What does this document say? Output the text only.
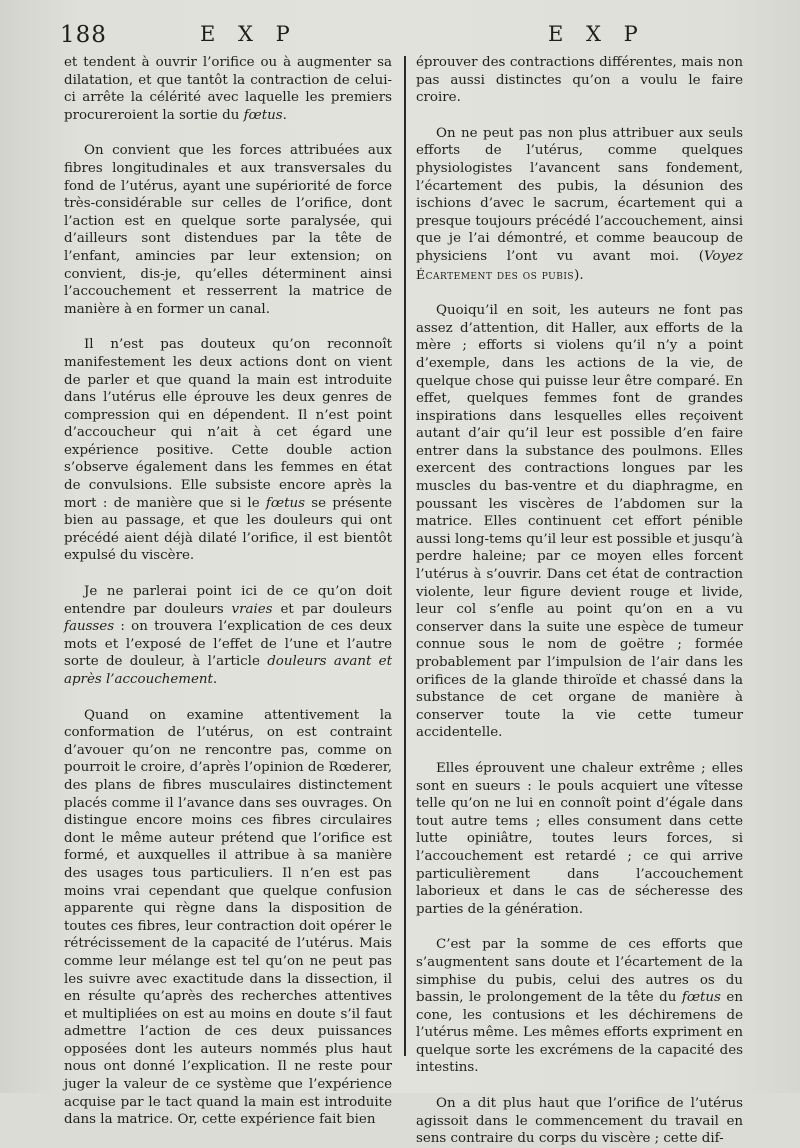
188	E X P	E X P

et tendent à ouvrir l’orifice ou à augmenter sa dilatation, et que tantôt la contraction de celui-ci arrête la célérité avec laquelle les premiers procureroient la sortie du fœtus.

On convient que les forces attribuées aux fibres longitudinales et aux transversales du fond de l’utérus, ayant une supériorité de force très-considérable sur celles de l’orifice, dont l’action est en quelque sorte paralysée, qui d’ailleurs sont distendues par la tête de l’enfant, amincies par leur extension; on convient, dis-je, qu’elles déterminent ainsi l’accouchement et resserrent la matrice de manière à en former un canal.

Il n’est pas douteux qu’on reconnoît manifestement les deux actions dont on vient de parler et que quand la main est introduite dans l’utérus elle éprouve les deux genres de compression qui en dépendent. Il n’est point d’accoucheur qui n’ait à cet égard une expérience positive. Cette double action s’observe également dans les femmes en état de convulsions. Elle subsiste encore après la mort : de manière que si le fœtus se présente bien au passage, et que les douleurs qui ont précédé aient déjà dilaté l’orifice, il est bientôt expulsé du viscère.

Je ne parlerai point ici de ce qu’on doit entendre par douleurs vraies et par douleurs fausses : on trouvera l’explication de ces deux mots et l’exposé de l’effet de l’une et l’autre sorte de douleur, à l’article douleurs avant et après l’accouchement.

Quand on examine attentivement la conformation de l’utérus, on est contraint d’avouer qu’on ne rencontre pas, comme on pourroit le croire, d’après l’opinion de Rœderer, des plans de fibres musculaires distinctement placés comme il l’avance dans ses ouvrages. On distingue encore moins ces fibres circulaires dont le même auteur prétend que l’orifice est formé, et auxquelles il attribue à sa manière des usages tous particuliers. Il n’en est pas moins vrai cependant que quelque confusion apparente qui règne dans la disposition de toutes ces fibres, leur contraction doit opérer le rétrécissement de la capacité de l’utérus. Mais comme leur mélange est tel qu’on ne peut pas les suivre avec exactitude dans la dissection, il en résulte qu’après des recherches attentives et multipliées on est au moins en doute s’il faut admettre l’action de ces deux puissances opposées dont les auteurs nommés plus haut nous ont donné l’explication. Il ne reste pour juger la valeur de ce système que l’expérience acquise par le tact quand la main est introduite dans la matrice. Or, cette expérience fait bien

éprouver des contractions différentes, mais non pas aussi distinctes qu’on a voulu le faire croire.

On ne peut pas non plus attribuer aux seuls efforts de l’utérus, comme quelques physiologistes l’avancent sans fondement, l’écartement des pubis, la désunion des ischions d’avec le sacrum, écartement qui a presque toujours précédé l’accouchement, ainsi que je l’ai démontré, et comme beaucoup de physiciens l’ont vu avant moi. (Voyez Écartement des os pubis).

Quoiqu’il en soit, les auteurs ne font pas assez d’attention, dit Haller, aux efforts de la mère ; efforts si violens qu’il n’y a point d’exemple, dans les actions de la vie, de quelque chose qui puisse leur être comparé. En effet, quelques femmes font de grandes inspirations dans lesquelles elles reçoivent autant d’air qu’il leur est possible d’en faire entrer dans la substance des poulmons. Elles exercent des contractions longues par les muscles du bas-ventre et du diaphragme, en poussant les viscères de l’abdomen sur la matrice. Elles continuent cet effort pénible aussi long-tems qu’il leur est possible et jusqu’à perdre haleine; par ce moyen elles forcent l’utérus à s’ouvrir. Dans cet état de contraction violente, leur figure devient rouge et livide, leur col s’enfle au point qu’on en a vu conserver dans la suite une espèce de tumeur connue sous le nom de goëtre ; formée probablement par l’impulsion de l’air dans les orifices de la glande thiroïde et chassé dans la substance de cet organe de manière à conserver toute la vie cette tumeur accidentelle.

Elles éprouvent une chaleur extrême ; elles sont en sueurs : le pouls acquiert une vîtesse telle qu’on ne lui en connoît point d’égale dans tout autre tems ; elles consument dans cette lutte opiniâtre, toutes leurs forces, si l’accouchement est retardé ; ce qui arrive particulièrement dans l’accouchement laborieux et dans le cas de sécheresse des parties de la génération.

C’est par la somme de ces efforts que s’augmentent sans doute et l’écartement de la simphise du pubis, celui des autres os du bassin, le prolongement de la tête du fœtus en cone, les contusions et les déchiremens de l’utérus même. Les mêmes efforts expriment en quelque sorte les excrémens de la capacité des intestins.

On a dit plus haut que l’orifice de l’utérus agissoit dans le commencement du travail en sens contraire du corps du viscère ; cette dif-
